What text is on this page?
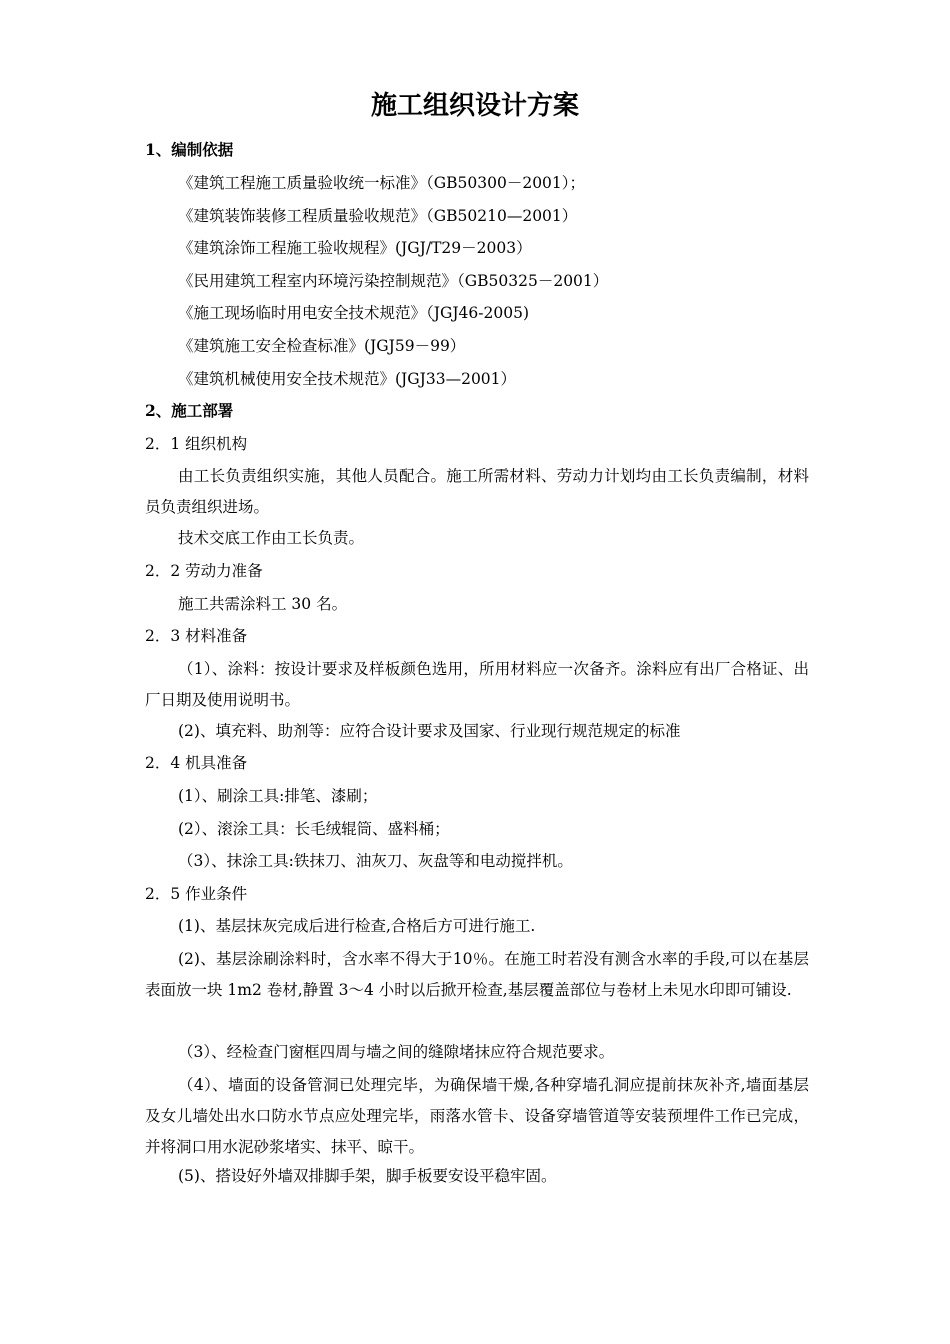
施工组织设计方案
1、编制依据
《建筑工程施工质量验收统一标准》（GB50300－2001）；
《建筑装饰装修工程质量验收规范》（GB50210—2001）
《建筑涂饰工程施工验收规程》(JGJ/T29－2003）
《民用建筑工程室内环境污染控制规范》（GB50325－2001）
《施工现场临时用电安全技术规范》（JGJ46-2005)
《建筑施工安全检查标准》(JGJ59－99）
《建筑机械使用安全技术规范》(JGJ33—2001）
2、施工部署
2．1 组织机构
由工长负责组织实施，其他人员配合。施工所需材料、劳动力计划均由工长负责编制，材料员负责组织进场。
技术交底工作由工长负责。
2．2 劳动力准备
施工共需涂料工 30 名。
2．3 材料准备
（1）、涂料：按设计要求及样板颜色选用，所用材料应一次备齐。涂料应有出厂合格证、出厂日期及使用说明书。
(2)、填充料、助剂等：应符合设计要求及国家、行业现行规范规定的标准
2．4 机具准备
(1）、刷涂工具:排笔、漆刷；
(2）、滚涂工具：长毛绒辊筒、盛料桶；
（3）、抹涂工具:铁抹刀、油灰刀、灰盘等和电动搅拌机。
2．5 作业条件
(1)、基层抹灰完成后进行检查,合格后方可进行施工.
(2)、基层涂刷涂料时，含水率不得大于10％。在施工时若没有测含水率的手段,可以在基层表面放一块 1m2 卷材,静置 3～4 小时以后掀开检查,基层覆盖部位与卷材上未见水印即可铺设.
（3）、经检查门窗框四周与墙之间的缝隙堵抹应符合规范要求。
（4）、墙面的设备管洞已处理完毕，为确保墙干燥,各种穿墙孔洞应提前抹灰补齐,墙面基层及女儿墙处出水口防水节点应处理完毕，雨落水管卡、设备穿墙管道等安装预埋件工作已完成，并将洞口用水泥砂浆堵实、抹平、晾干。
(5)、搭设好外墙双排脚手架，脚手板要安设平稳牢固。
